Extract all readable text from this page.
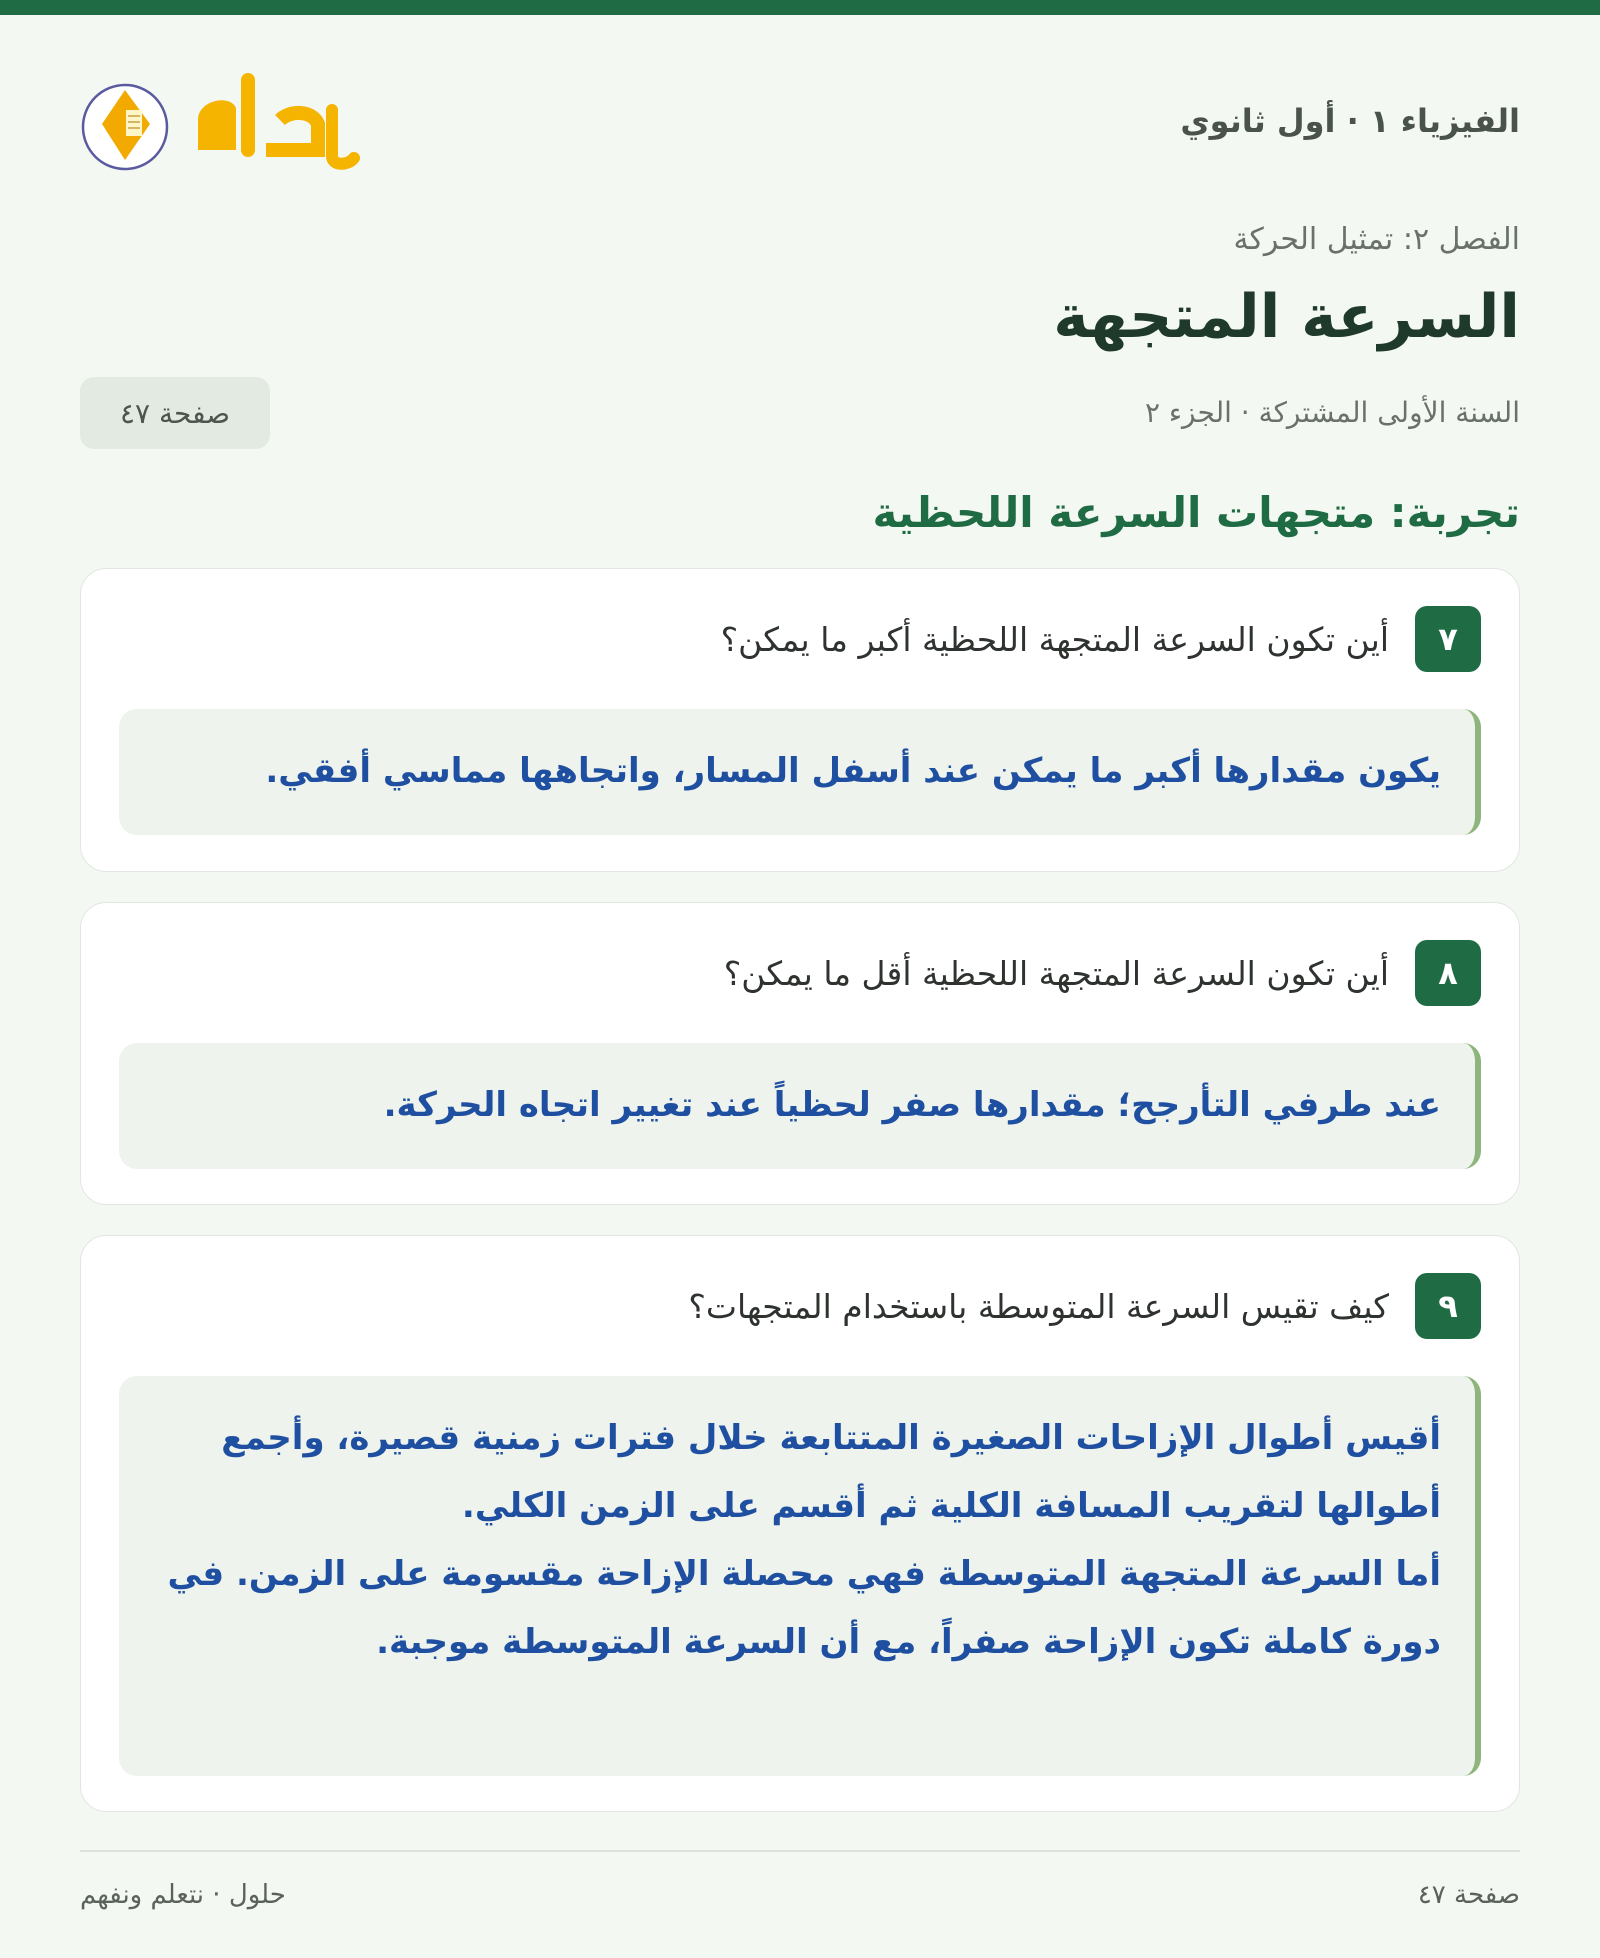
الفيزياء ١ · أول ثانوي
الفصل ٢: تمثيل الحركة
السرعة المتجهة
السنة الأولى المشتركة · الجزء ٢
صفحة ٤٧
تجربة: متجهات السرعة اللحظية
٧
أين تكون السرعة المتجهة اللحظية أكبر ما يمكن؟

يكون مقدارها أكبر ما يمكن عند أسفل المسار، واتجاهها مماسي أفقي.

٨
أين تكون السرعة المتجهة اللحظية أقل ما يمكن؟

عند طرفي التأرجح؛ مقدارها صفر لحظياً عند تغيير اتجاه الحركة.

٩
كيف تقيس السرعة المتوسطة باستخدام المتجهات؟

أقيس أطوال الإزاحات الصغيرة المتتابعة خلال فترات زمنية قصيرة، وأجمع أطوالها لتقريب المسافة الكلية ثم أقسم على الزمن الكلي.

أما السرعة المتجهة المتوسطة فهي محصلة الإزاحة مقسومة على الزمن. في دورة كاملة تكون الإزاحة صفراً، مع أن السرعة المتوسطة موجبة.

صفحة ٤٧
حلول · نتعلم ونفهم
